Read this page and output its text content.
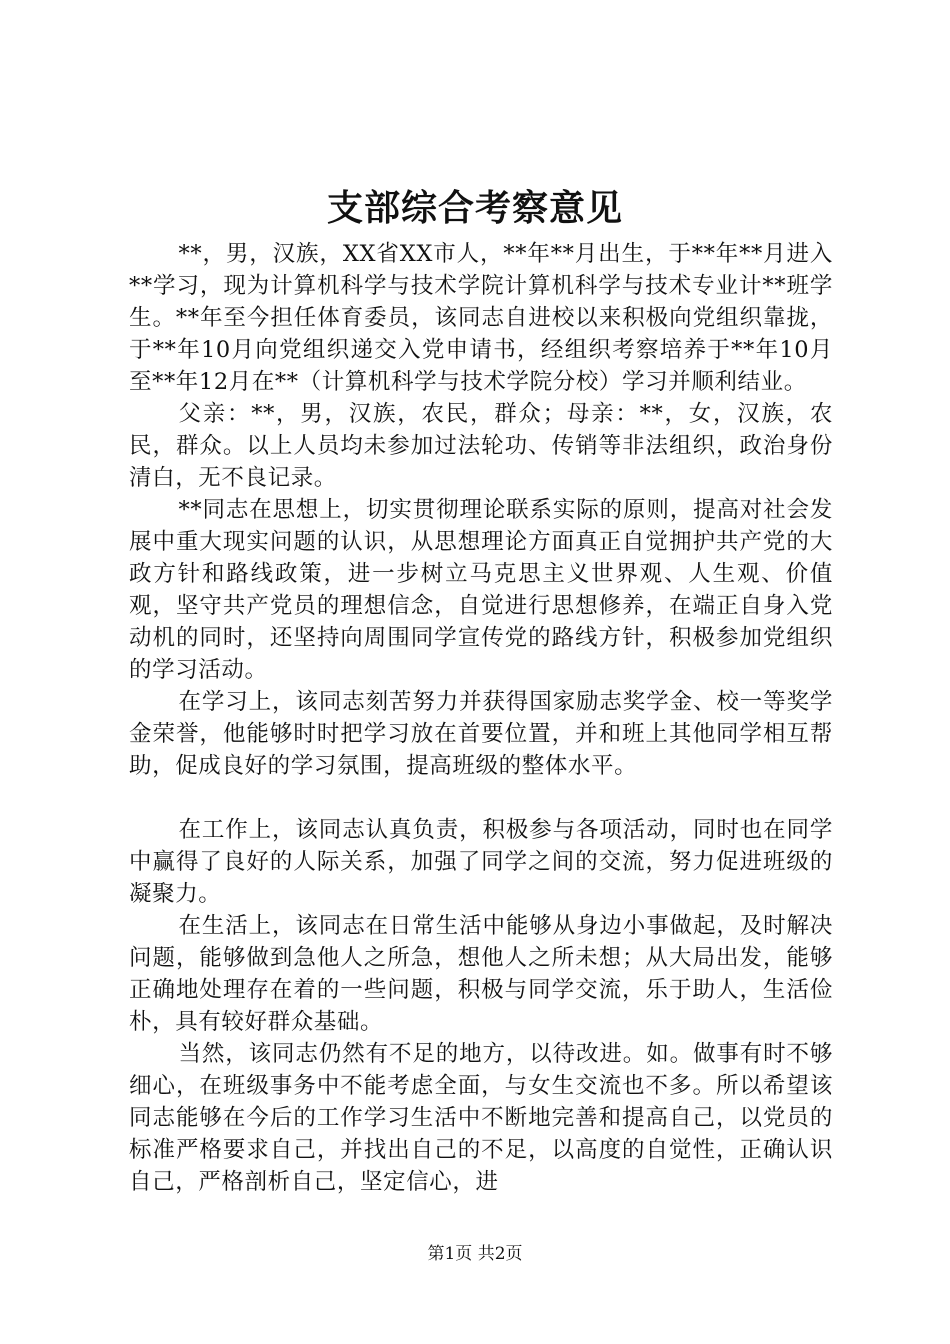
支部综合考察意见

**，男，汉族，XX省XX市人，**年**月出生，于**年**月进入**学习，现为计算机科学与技术学院计算机科学与技术专业计**班学生。**年至今担任体育委员，该同志自进校以来积极向党组织靠拢，于**年10月向党组织递交入党申请书，经组织考察培养于**年10月至**年12月在**（计算机科学与技术学院分校）学习并顺利结业。

父亲：**，男，汉族，农民，群众；母亲：**，女，汉族，农民，群众。以上人员均未参加过法轮功、传销等非法组织，政治身份清白，无不良记录。

**同志在思想上，切实贯彻理论联系实际的原则，提高对社会发展中重大现实问题的认识，从思想理论方面真正自觉拥护共产党的大政方针和路线政策，进一步树立马克思主义世界观、人生观、价值观，坚守共产党员的理想信念，自觉进行思想修养，在端正自身入党动机的同时，还坚持向周围同学宣传党的路线方针，积极参加党组织的学习活动。

在学习上，该同志刻苦努力并获得国家励志奖学金、校一等奖学金荣誉，他能够时时把学习放在首要位置，并和班上其他同学相互帮助，促成良好的学习氛围，提高班级的整体水平。

在工作上，该同志认真负责，积极参与各项活动，同时也在同学中赢得了良好的人际关系，加强了同学之间的交流，努力促进班级的凝聚力。

在生活上，该同志在日常生活中能够从身边小事做起，及时解决问题，能够做到急他人之所急，想他人之所未想；从大局出发，能够正确地处理存在着的一些问题，积极与同学交流，乐于助人，生活俭朴，具有较好群众基础。

当然，该同志仍然有不足的地方，以待改进。如。做事有时不够细心，在班级事务中不能考虑全面，与女生交流也不多。所以希望该同志能够在今后的工作学习生活中不断地完善和提高自己，以党员的标准严格要求自己，并找出自己的不足，以高度的自觉性，正确认识自己，严格剖析自己，坚定信心，进

第1页 共2页
